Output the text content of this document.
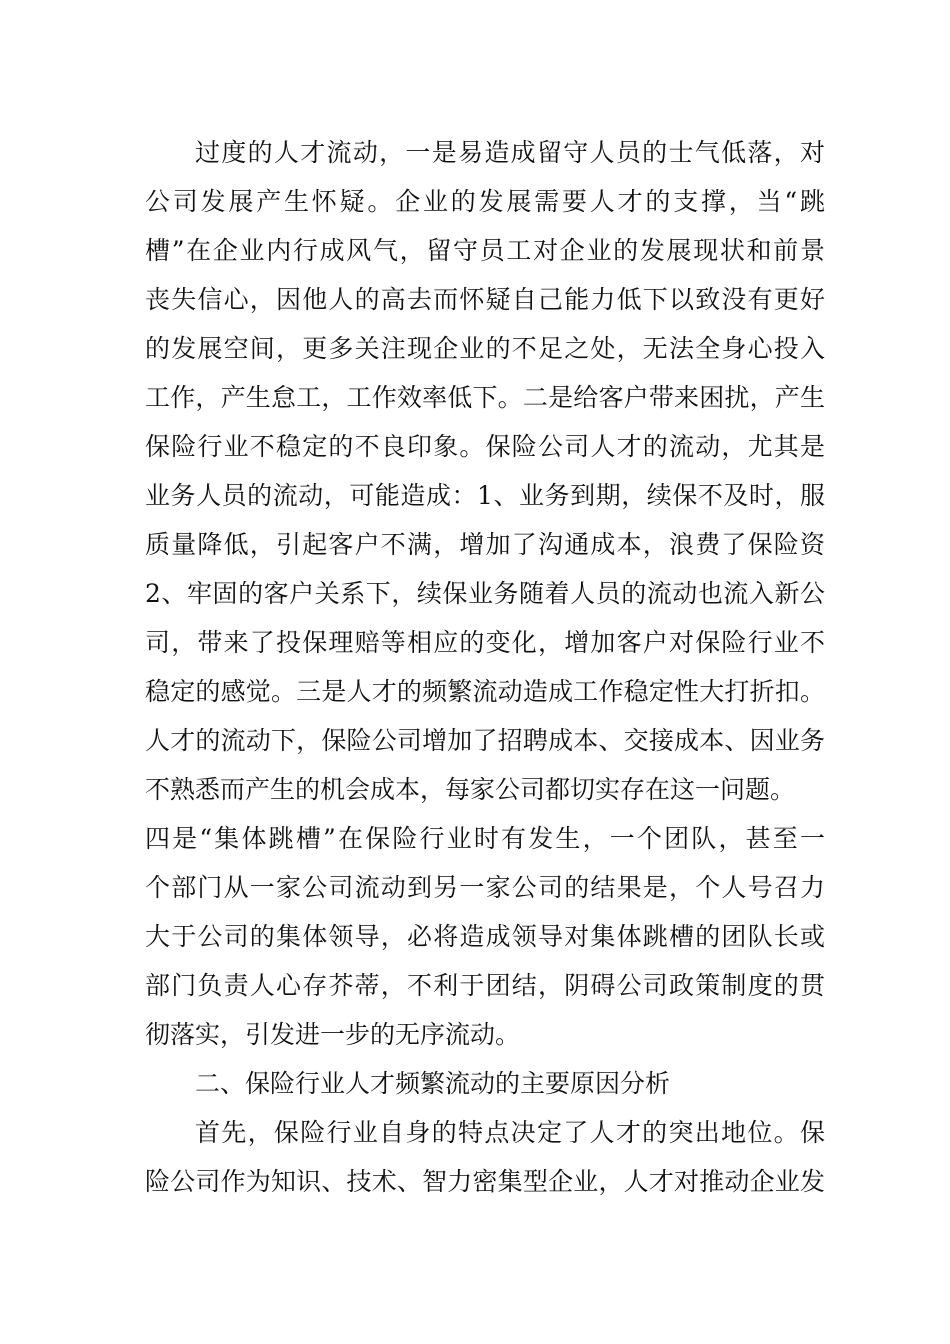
过度的人才流动，一是易造成留守人员的士气低落，对
公司发展产生怀疑。企业的发展需要人才的支撑，当“跳
槽”在企业内行成风气，留守员工对企业的发展现状和前景
丧失信心，因他人的高去而怀疑自己能力低下以致没有更好
的发展空间，更多关注现企业的不足之处，无法全身心投入
工作，产生怠工，工作效率低下。二是给客户带来困扰，产生
保险行业不稳定的不良印象。保险公司人才的流动，尤其是
业务人员的流动，可能造成：1、业务到期，续保不及时，服
质量降低，引起客户不满，增加了沟通成本，浪费了保险资
2、牢固的客户关系下，续保业务随着人员的流动也流入新公
司，带来了投保理赔等相应的变化，增加客户对保险行业不
稳定的感觉。三是人才的频繁流动造成工作稳定性大打折扣。
人才的流动下，保险公司增加了招聘成本、交接成本、因业务
不熟悉而产生的机会成本，每家公司都切实存在这一问题。
四是“集体跳槽”在保险行业时有发生，一个团队，甚至一
个部门从一家公司流动到另一家公司的结果是，个人号召力
大于公司的集体领导，必将造成领导对集体跳槽的团队长或
部门负责人心存芥蒂，不利于团结，阴碍公司政策制度的贯
彻落实，引发进一步的无序流动。
二、保险行业人才频繁流动的主要原因分析
首先，保险行业自身的特点决定了人才的突出地位。保
险公司作为知识、技术、智力密集型企业，人才对推动企业发
